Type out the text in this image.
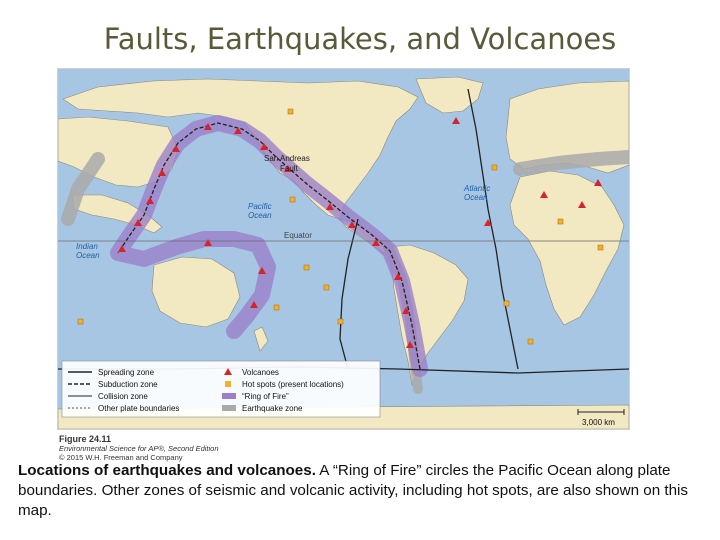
Faults, Earthquakes, and Volcanoes
San Andreas
Fault
Pacific
Ocean
Atlantic
Ocean
Indian
Ocean
Equator
Spreading zone
Subduction zone
Collision zone
Other plate boundaries
Volcanoes
Hot spots (present locations)
“Ring of Fire”
Earthquake zone
3,000 km
Figure 24.11
Environmental Science for AP®, Second Edition
© 2015 W.H. Freeman and Company
Locations of earthquakes and volcanoes. A “Ring of Fire” circles the Pacific Ocean along plate boundaries. Other zones of seismic and volcanic activity, including hot spots, are also shown on this map.
